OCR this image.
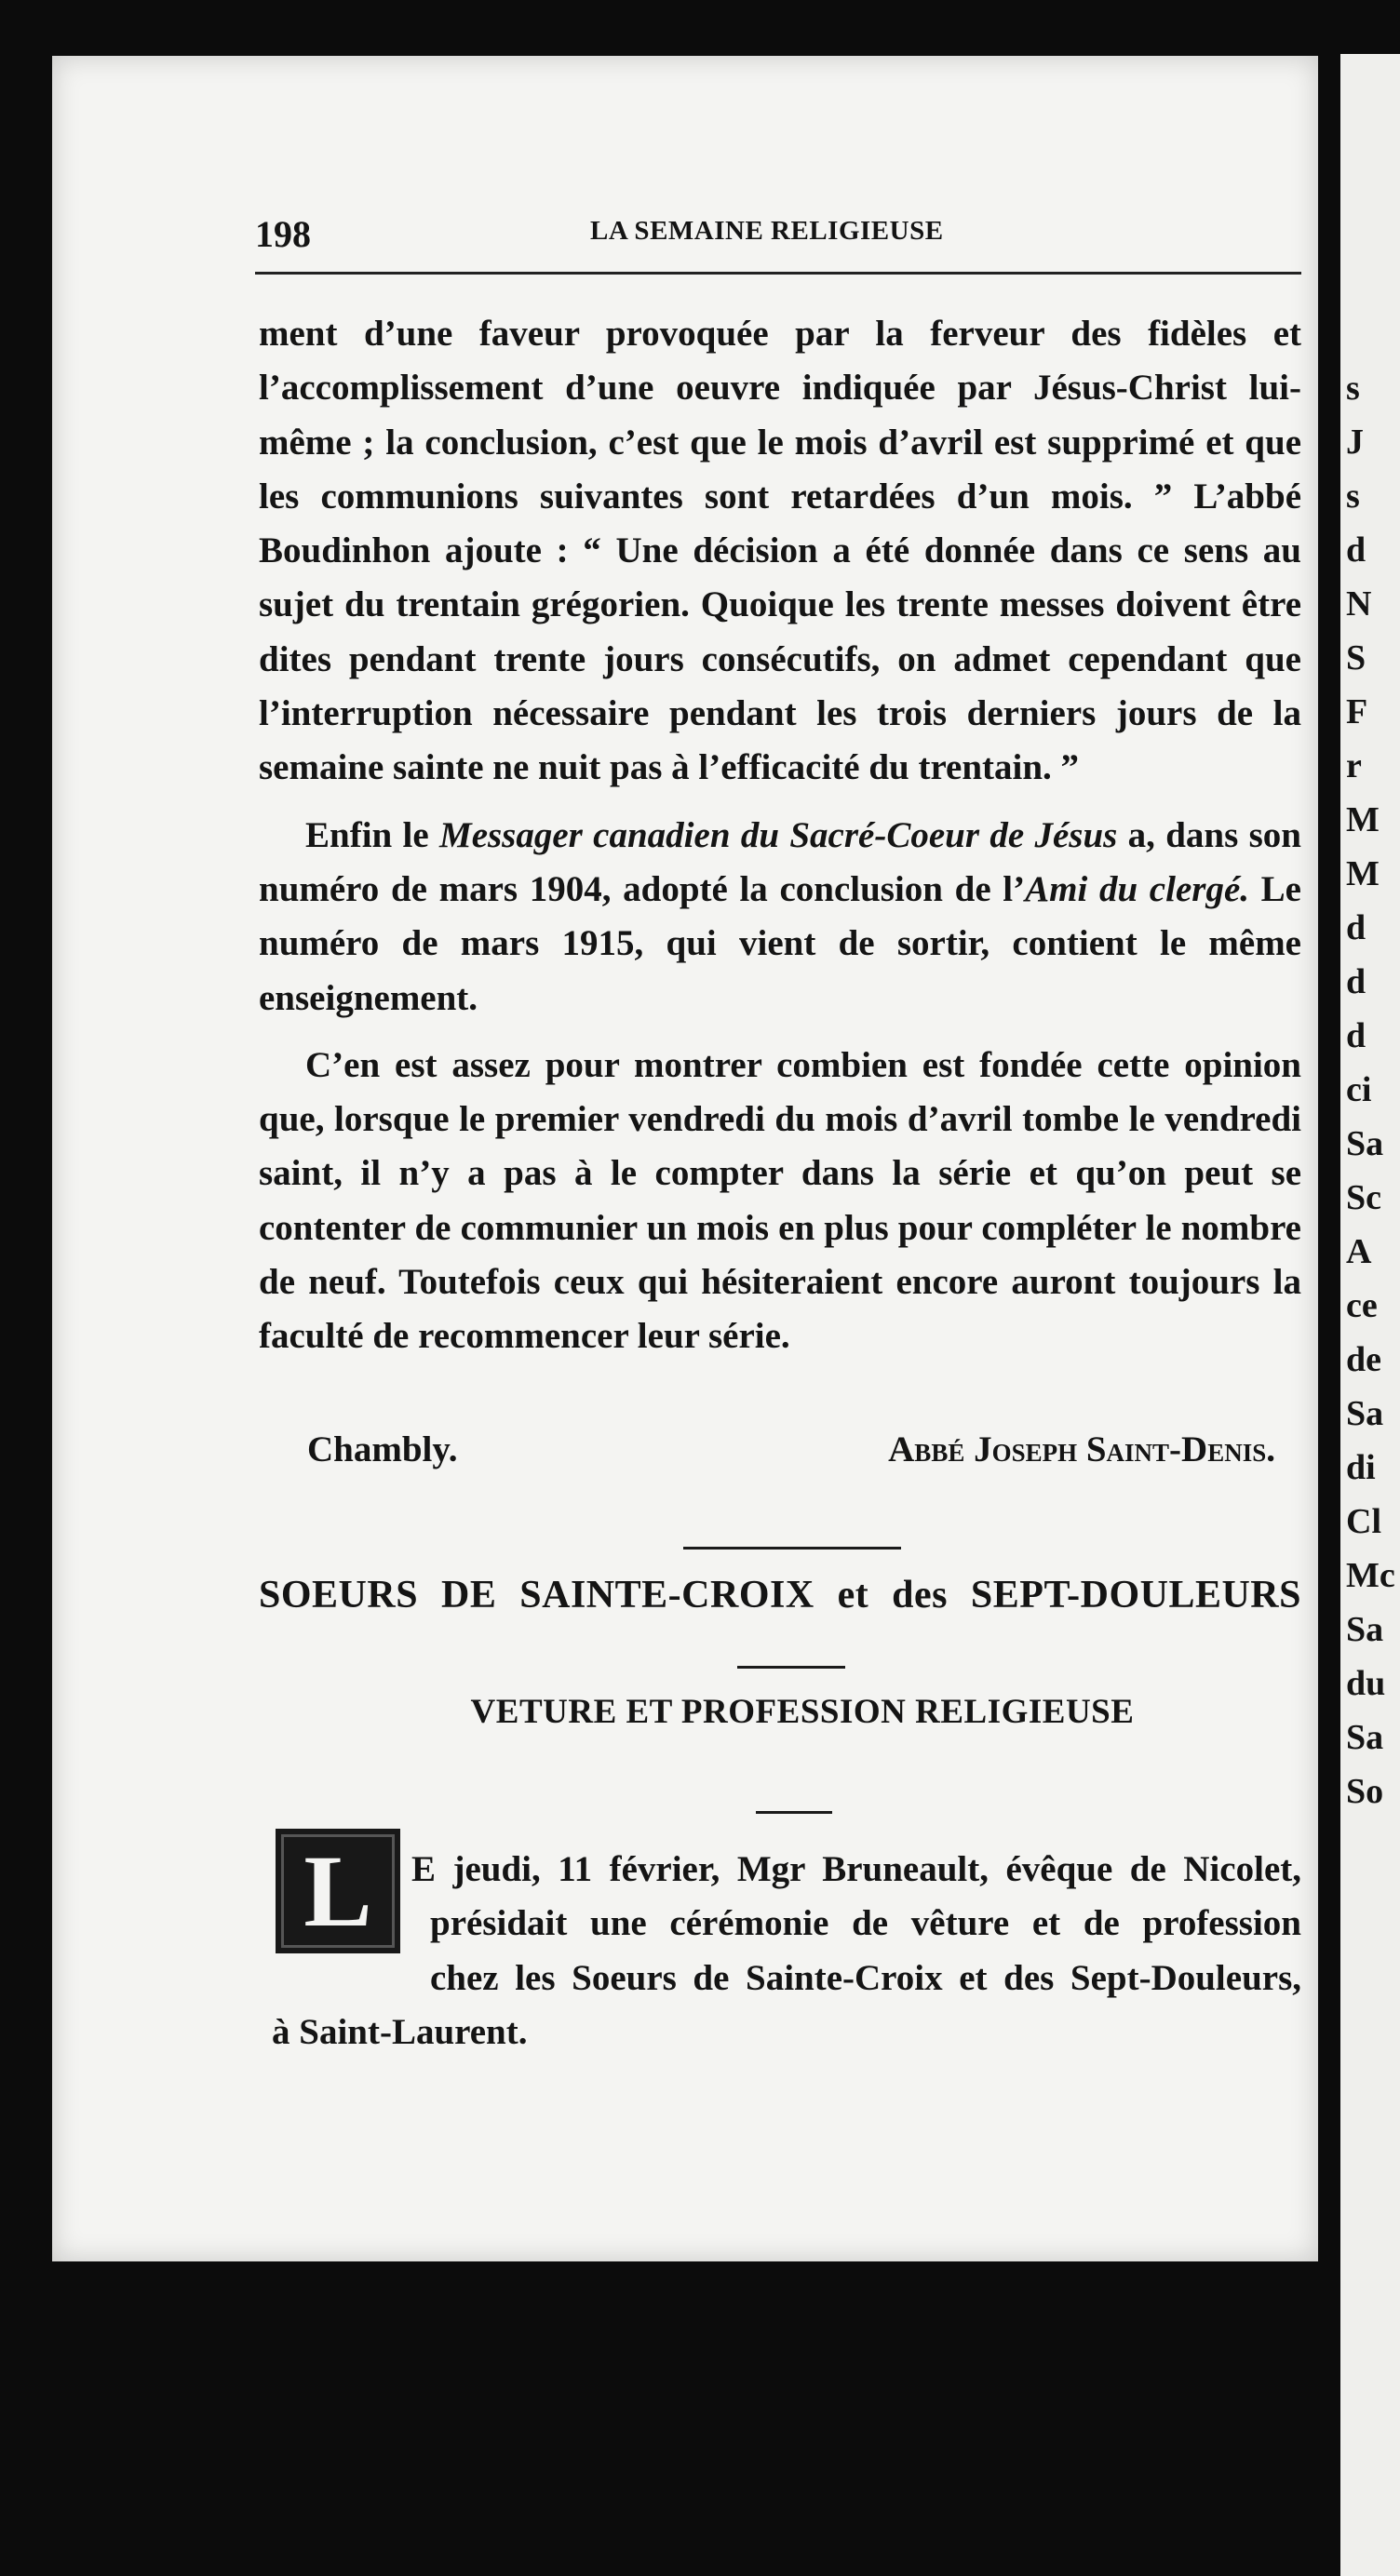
s
J
s
d
N
S
F
r
M
M
d
d
d
ci
Sa
Sc
A
ce
de
Sa
di
Cl
Mc
Sa
du
Sa
So
198	LA SEMAINE RELIGIEUSE

ment d’une faveur provoquée par la ferveur des fidèles et l’accomplissement d’une oeuvre indiquée par Jésus-Christ lui-même ; la conclusion, c’est que le mois d’avril est supprimé et que les communions suivantes sont retardées d’un mois. ” L’abbé Boudinhon ajoute : “ Une décision a été donnée dans ce sens au sujet du trentain grégorien. Quoique les trente messes doivent être dites pendant trente jours consécutifs, on admet cependant que l’interruption nécessaire pendant les trois derniers jours de la semaine sainte ne nuit pas à l’efficacité du trentain. ”

Enfin le Messager canadien du Sacré-Coeur de Jésus a, dans son numéro de mars 1904, adopté la conclusion de l’Ami du clergé. Le numéro de mars 1915, qui vient de sortir, contient le même enseignement.

C’en est assez pour montrer combien est fondée cette opinion que, lorsque le premier vendredi du mois d’avril tombe le vendredi saint, il n’y a pas à le compter dans la série et qu’on peut se contenter de communier un mois en plus pour compléter le nombre de neuf. Toutefois ceux qui hésiteraient encore auront toujours la faculté de recommencer leur série.

Chambly.	Abbé Joseph Saint-Denis.
SOEURS DE SAINTE-CROIX et des SEPT-DOULEURS
VETURE ET PROFESSION RELIGIEUSE
L	E jeudi, 11 février, Mgr Bruneault, évêque de Nicolet,
présidait une cérémonie de vêture et de profession
chez les Soeurs de Sainte-Croix et des Sept-Douleurs,
à Saint-Laurent.
